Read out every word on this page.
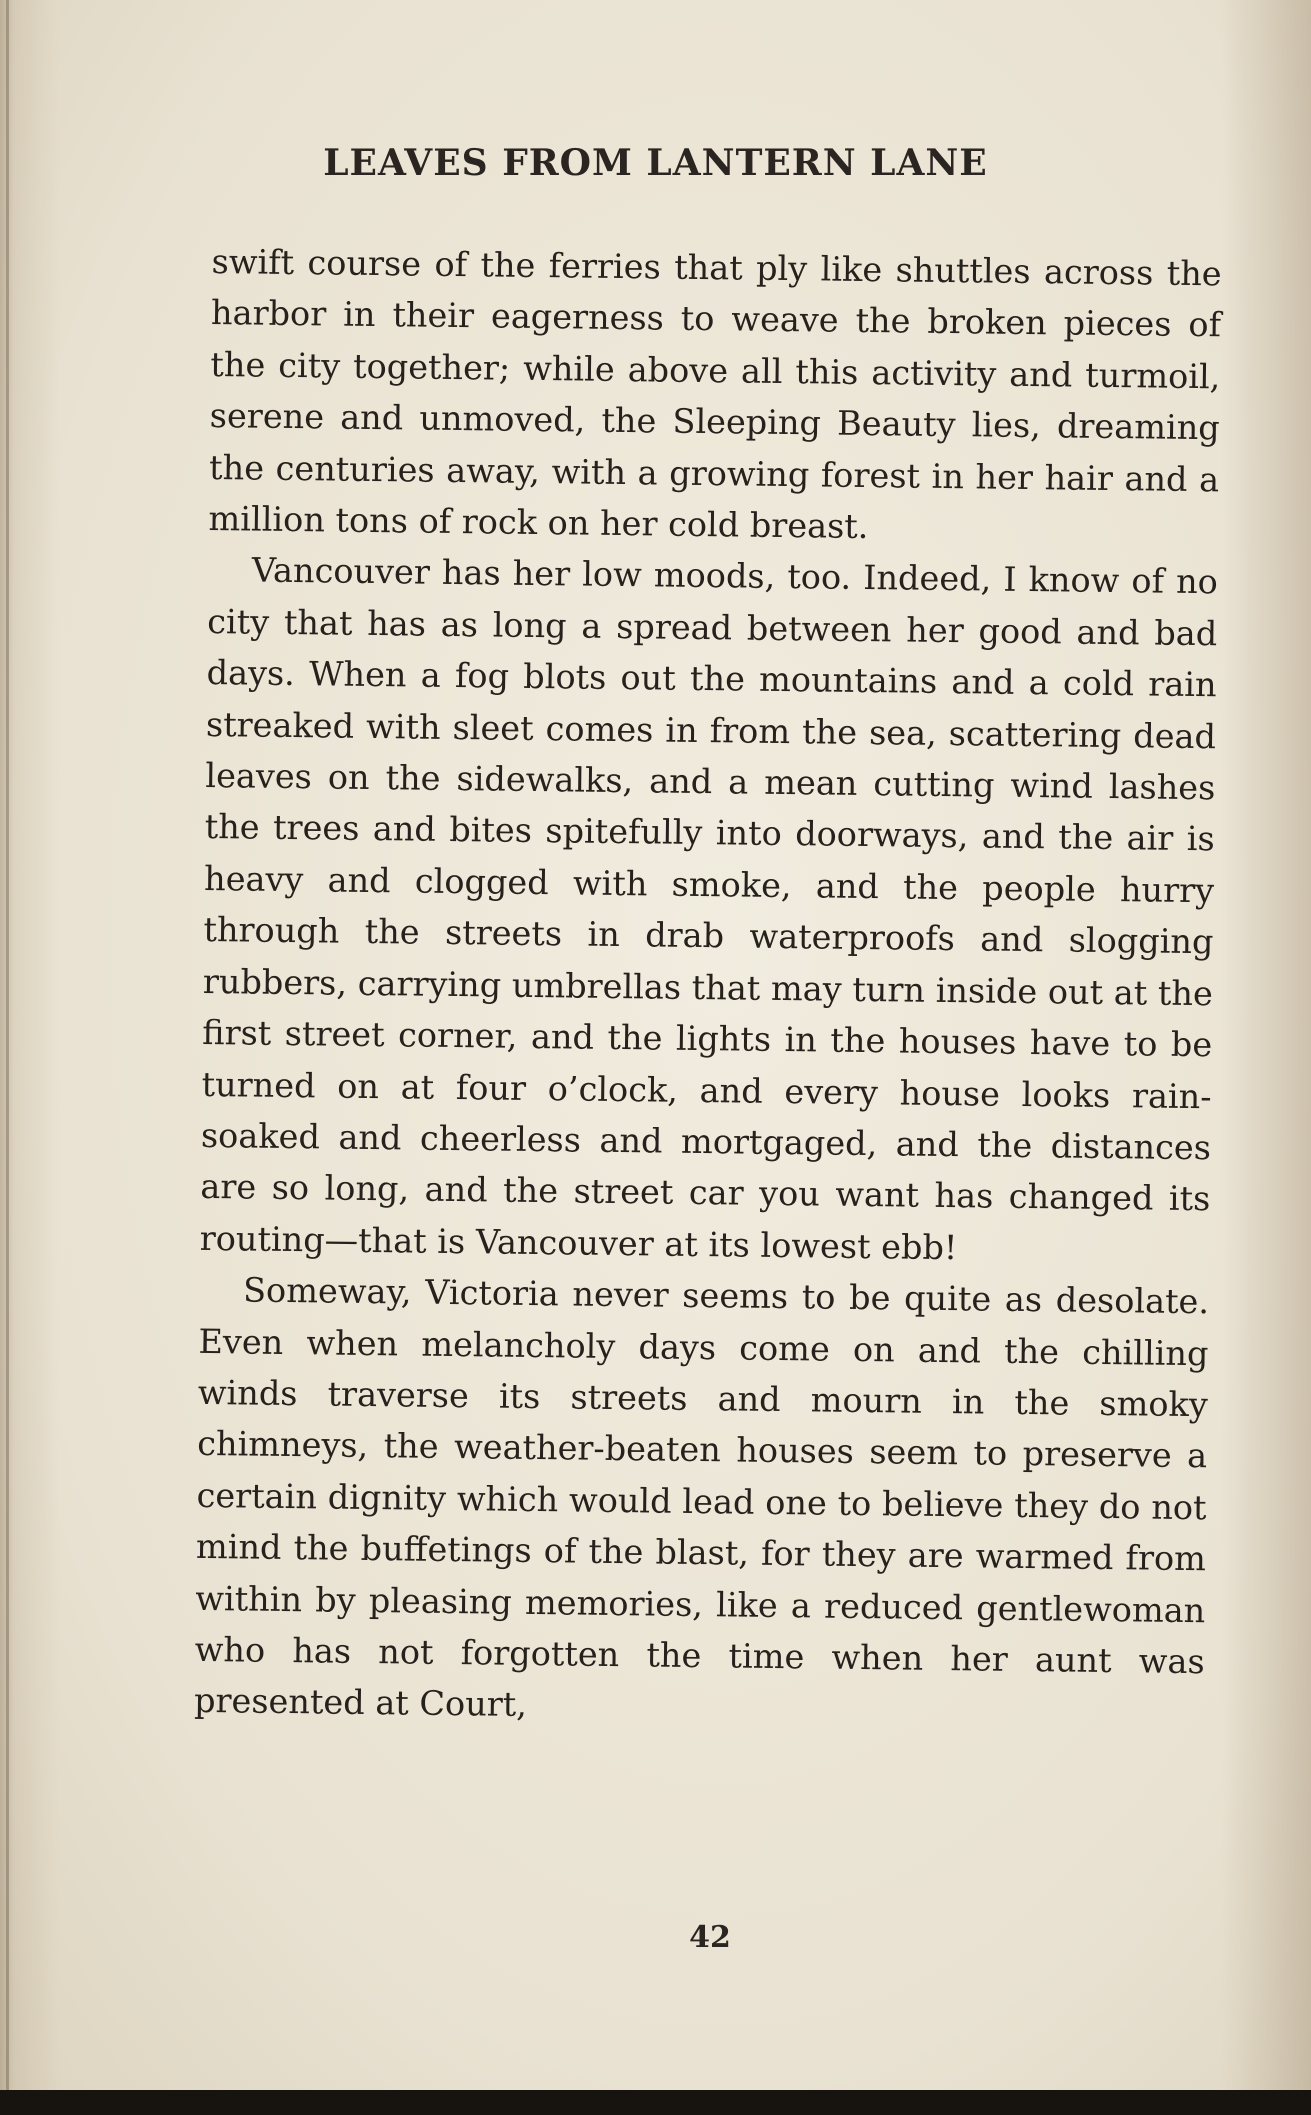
LEAVES FROM LANTERN LANE

swift course of the ferries that ply like shuttles across the harbor in their eagerness to weave the broken pieces of the city together; while above all this activity and turmoil, serene and unmoved, the Sleeping Beauty lies, dreaming the centuries away, with a growing forest in her hair and a million tons of rock on her cold breast.

Vancouver has her low moods, too. Indeed, I know of no city that has as long a spread between her good and bad days. When a fog blots out the mountains and a cold rain streaked with sleet comes in from the sea, scattering dead leaves on the sidewalks, and a mean cutting wind lashes the trees and bites spitefully into doorways, and the air is heavy and clogged with smoke, and the people hurry through the streets in drab waterproofs and slogging rubbers, carrying umbrellas that may turn inside out at the first street corner, and the lights in the houses have to be turned on at four o’clock, and every house looks rain-soaked and cheerless and mortgaged, and the distances are so long, and the street car you want has changed its routing—that is Vancouver at its lowest ebb!

Someway, Victoria never seems to be quite as desolate. Even when melancholy days come on and the chilling winds traverse its streets and mourn in the smoky chimneys, the weather-beaten houses seem to preserve a certain dignity which would lead one to believe they do not mind the buffetings of the blast, for they are warmed from within by pleasing memories, like a reduced gentlewoman who has not forgotten the time when her aunt was presented at Court,

42
